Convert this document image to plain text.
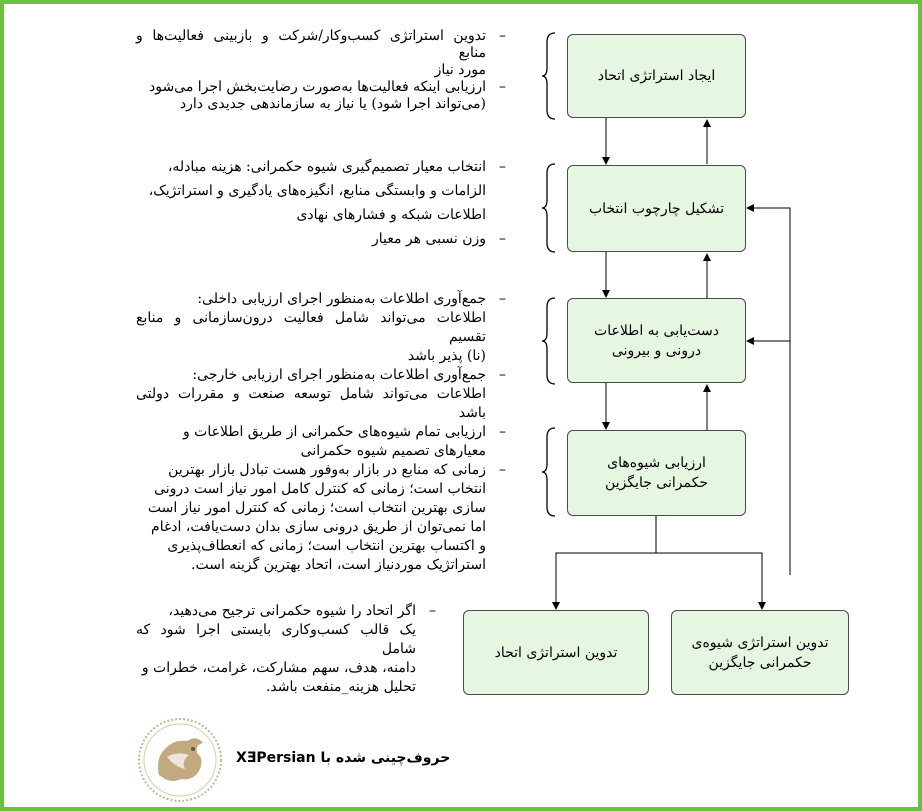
ایجاد استراتژی اتحاد
تشکیل چارچوب انتخاب
دست‌یابی به اطلاعات
درونی و بیرونی
ارزیابی شیوه‌های
حکمرانی جایگزین
تدوین استراتژی اتحاد
تدوین استراتژی شیوه‌ی
حکمرانی جایگزین
–
تدوین استراتژی کسب‌وکار/شرکت و بازبینی فعالیت‌ها و منابع
مورد نیاز
–
ارزیابی اینکه فعالیت‌ها به‌صورت رضایت‌بخش اجرا می‌شود
(می‌تواند اجرا شود) یا نیاز به سازماندهی جدیدی دارد
–
انتخاب معیار تصمیم‌گیری شیوه حکمرانی: هزینه مبادله،
الزامات و وابستگی منابع، انگیزه‌های یادگیری و استراتژیک،
اطلاعات شبکه و فشارهای نهادی
–
وزن نسبی هر معیار
–
جمع‌آوری اطلاعات به‌منظور اجرای ارزیابی داخلی:
اطلاعات می‌تواند شامل فعالیت درون‌سازمانی و منابع تقسیم
(نا) پذیر باشد
–
جمع‌آوری اطلاعات به‌منظور اجرای ارزیابی خارجی:
اطلاعات می‌تواند شامل توسعه صنعت و مقررات دولتی باشد
–
ارزیابی تمام شیوه‌های حکمرانی از طریق اطلاعات و
معیارهای تصمیم شیوه حکمرانی
–
زمانی که منابع در بازار به‌وفور هست تبادل بازار بهترین
انتخاب است؛ زمانی که کنترل کامل امور نیاز است درونی
سازی بهترین انتخاب است؛ زمانی که کنترل امور نیاز است
اما نمی‌توان از طریق درونی سازی بدان دست‌یافت، ادغام
و اکتساب بهترین انتخاب است؛ زمانی که انعطاف‌پذیری
استراتژیک موردنیاز است، اتحاد بهترین گزینه است.
–
اگر اتحاد را شیوه حکمرانی ترجیح می‌دهید،
یک قالب کسب‌وکاری بایستی اجرا شود که شامل
دامنه، هدف، سهم مشارکت، غرامت، خطرات و
تحلیل هزینه_منفعت باشد.
حروف‌چینی شده با XƎPersian
